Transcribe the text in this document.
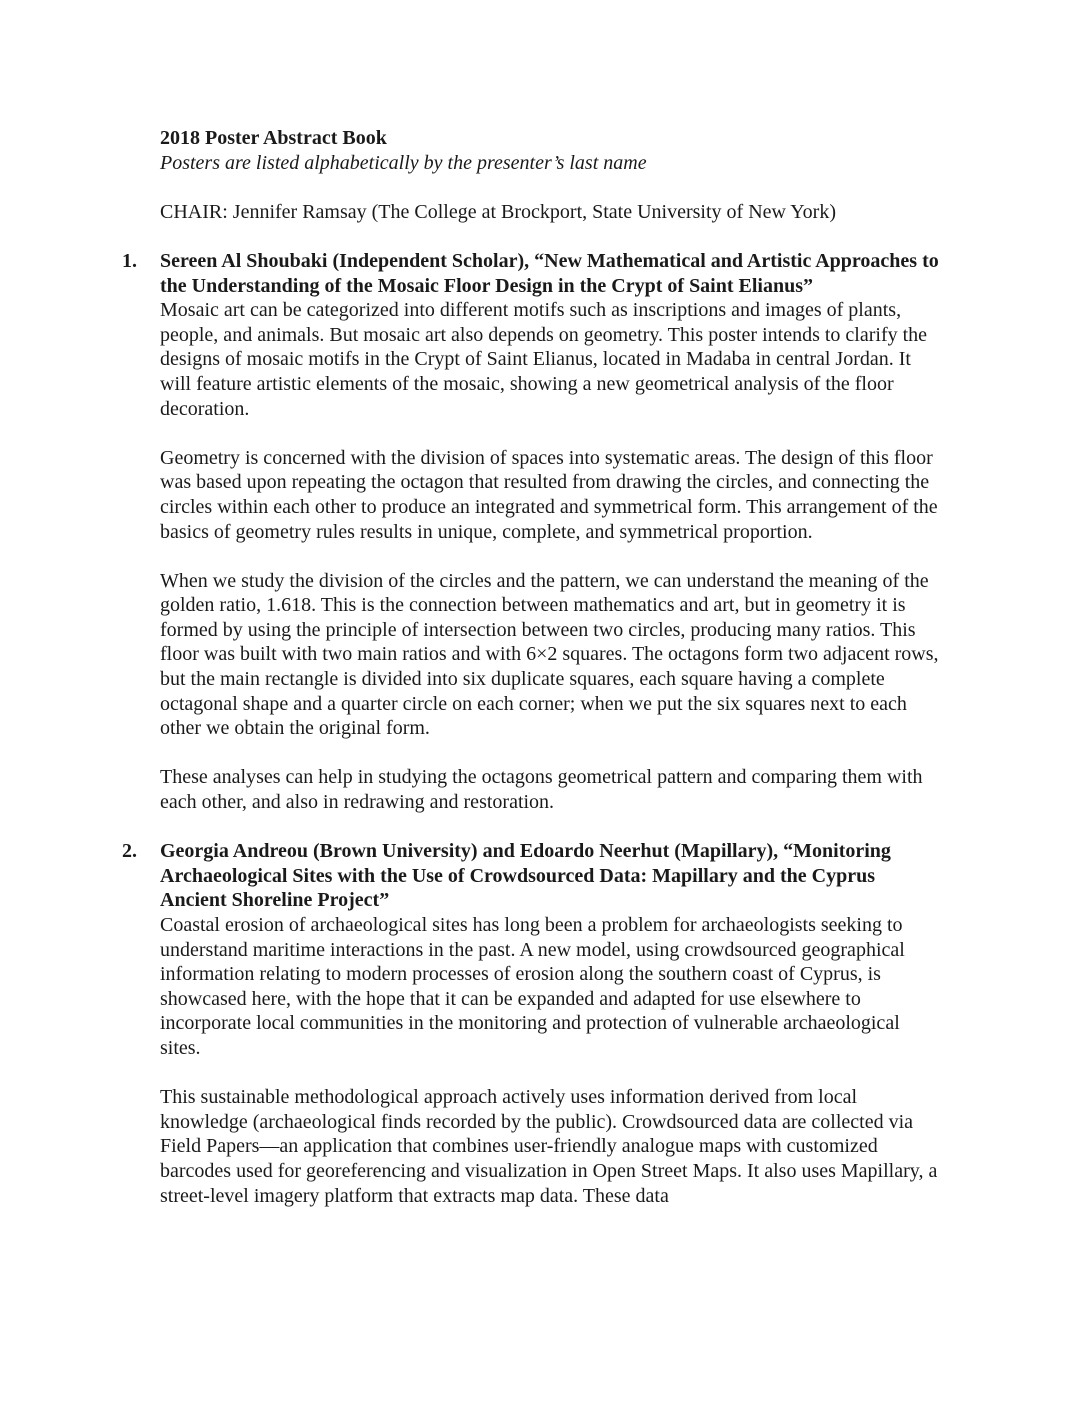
2018 Poster Abstract Book

Posters are listed alphabetically by the presenter’s last name

CHAIR: Jennifer Ramsay (The College at Brockport, State University of New York)

1. Sereen Al Shoubaki (Independent Scholar), “New Mathematical and Artistic Approaches to the Understanding of the Mosaic Floor Design in the Crypt of Saint Elianus”

Mosaic art can be categorized into different motifs such as inscriptions and images of plants, people, and animals. But mosaic art also depends on geometry. This poster intends to clarify the designs of mosaic motifs in the Crypt of Saint Elianus, located in Madaba in central Jordan. It will feature artistic elements of the mosaic, showing a new geometrical analysis of the floor decoration.

Geometry is concerned with the division of spaces into systematic areas. The design of this floor was based upon repeating the octagon that resulted from drawing the circles, and connecting the circles within each other to produce an integrated and symmetrical form. This arrangement of the basics of geometry rules results in unique, complete, and symmetrical proportion.

When we study the division of the circles and the pattern, we can understand the meaning of the golden ratio, 1.618. This is the connection between mathematics and art, but in geometry it is formed by using the principle of intersection between two circles, producing many ratios. This floor was built with two main ratios and with 6×2 squares. The octagons form two adjacent rows, but the main rectangle is divided into six duplicate squares, each square having a complete octagonal shape and a quarter circle on each corner; when we put the six squares next to each other we obtain the original form.

These analyses can help in studying the octagons geometrical pattern and comparing them with each other, and also in redrawing and restoration.

2. Georgia Andreou (Brown University) and Edoardo Neerhut (Mapillary), “Monitoring Archaeological Sites with the Use of Crowdsourced Data: Mapillary and the Cyprus Ancient Shoreline Project”

Coastal erosion of archaeological sites has long been a problem for archaeologists seeking to understand maritime interactions in the past. A new model, using crowdsourced geographical information relating to modern processes of erosion along the southern coast of Cyprus, is showcased here, with the hope that it can be expanded and adapted for use elsewhere to incorporate local communities in the monitoring and protection of vulnerable archaeological sites.

This sustainable methodological approach actively uses information derived from local knowledge (archaeological finds recorded by the public). Crowdsourced data are collected via Field Papers—an application that combines user-friendly analogue maps with customized barcodes used for georeferencing and visualization in Open Street Maps. It also uses Mapillary, a street-level imagery platform that extracts map data. These data
